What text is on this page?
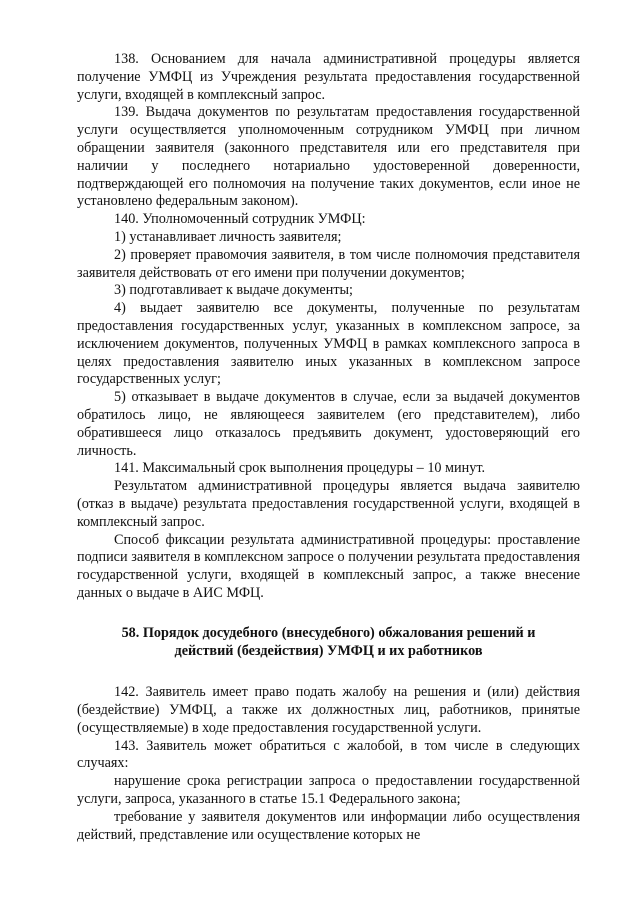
138. Основанием для начала административной процедуры является получение УМФЦ из Учреждения результата предоставления государственной услуги, входящей в комплексный запрос.

139. Выдача документов по результатам предоставления государственной услуги осуществляется уполномоченным сотрудником УМФЦ при личном обращении заявителя (законного представителя или его представителя при наличии у последнего нотариально удостоверенной доверенности, подтверждающей его полномочия на получение таких документов, если иное не установлено федеральным законом).

140. Уполномоченный сотрудник УМФЦ:

1) устанавливает личность заявителя;

2) проверяет правомочия заявителя, в том числе полномочия представителя заявителя действовать от его имени при получении документов;

3) подготавливает к выдаче документы;

4) выдает заявителю все документы, полученные по результатам предоставления государственных услуг, указанных в комплексном запросе, за исключением документов, полученных УМФЦ в рамках комплексного запроса в целях предоставления заявителю иных указанных в комплексном запросе государственных услуг;

5) отказывает в выдаче документов в случае, если за выдачей документов обратилось лицо, не являющееся заявителем (его представителем), либо обратившееся лицо отказалось предъявить документ, удостоверяющий его личность.

141. Максимальный срок выполнения процедуры – 10 минут.

Результатом административной процедуры является выдача заявителю (отказ в выдаче) результата предоставления государственной услуги, входящей в комплексный запрос.

Способ фиксации результата административной процедуры: проставление подписи заявителя в комплексном запросе о получении результата предоставления государственной услуги, входящей в комплексный запрос, а также внесение данных о выдаче в АИС МФЦ.

58. Порядок досудебного (внесудебного) обжалования решений и
действий (бездействия) УМФЦ и их работников

142. Заявитель имеет право подать жалобу на решения и (или) действия (бездействие) УМФЦ, а также их должностных лиц, работников, принятые (осуществляемые) в ходе предоставления государственной услуги.

143. Заявитель может обратиться с жалобой, в том числе в следующих случаях:

нарушение срока регистрации запроса о предоставлении государственной услуги, запроса, указанного в статье 15.1 Федерального закона;

требование у заявителя документов или информации либо осуществления действий, представление или осуществление которых не
